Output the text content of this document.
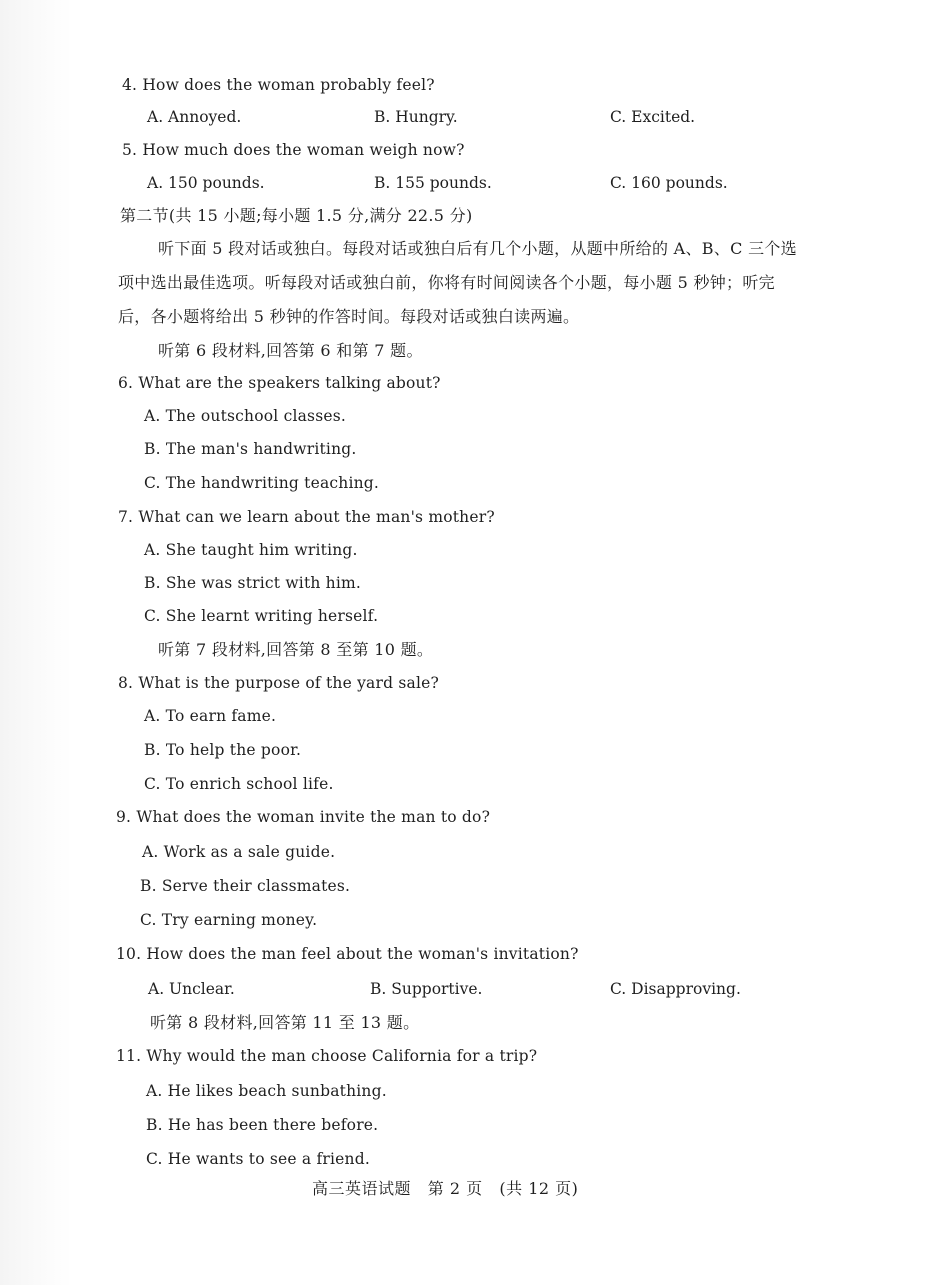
4. How does the woman probably feel?
A. Annoyed.	B. Hungry.	C. Excited.
5. How much does the woman weigh now?
A. 150 pounds.	B. 155 pounds.	C. 160 pounds.
第二节(共 15 小题;每小题 1.5 分,满分 22.5 分)
听下面 5 段对话或独白。每段对话或独白后有几个小题，从题中所给的 A、B、C 三个选
项中选出最佳选项。听每段对话或独白前，你将有时间阅读各个小题，每小题 5 秒钟；听完
后，各小题将给出 5 秒钟的作答时间。每段对话或独白读两遍。
听第 6 段材料,回答第 6 和第 7 题。
6. What are the speakers talking about?
A. The outschool classes.
B. The man's handwriting.
C. The handwriting teaching.
7. What can we learn about the man's mother?
A. She taught him writing.
B. She was strict with him.
C. She learnt writing herself.
听第 7 段材料,回答第 8 至第 10 题。
8. What is the purpose of the yard sale?
A. To earn fame.
B. To help the poor.
C. To enrich school life.
9. What does the woman invite the man to do?
A. Work as a sale guide.
B. Serve their classmates.
C. Try earning money.
10. How does the man feel about the woman's invitation?
A. Unclear.	B. Supportive.	C. Disapproving.
听第 8 段材料,回答第 11 至 13 题。
11. Why would the man choose California for a trip?
A. He likes beach sunbathing.
B. He has been there before.
C. He wants to see a friend.
高三英语试题   第 2 页   (共 12 页)
